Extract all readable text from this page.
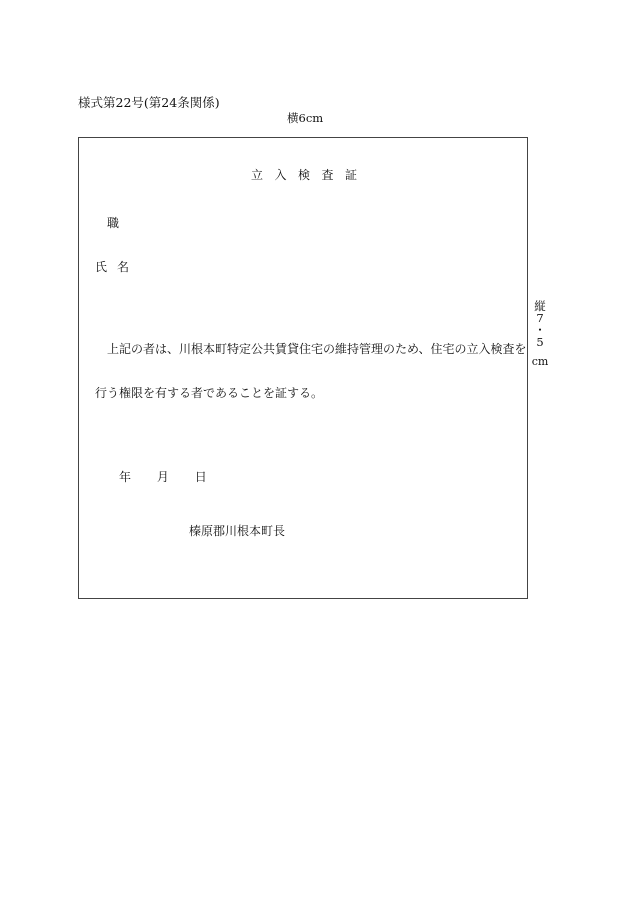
様式第22号(第24条関係)
横6cm
立 入 検 査 証
職
氏 名
上記の者は、川根本町特定公共賃貸住宅の維持管理のため、住宅の立入検査 を
行う権限を有する者であることを証する。
年 月 日
榛原郡川根本町長
縦
7
・
5
cm
